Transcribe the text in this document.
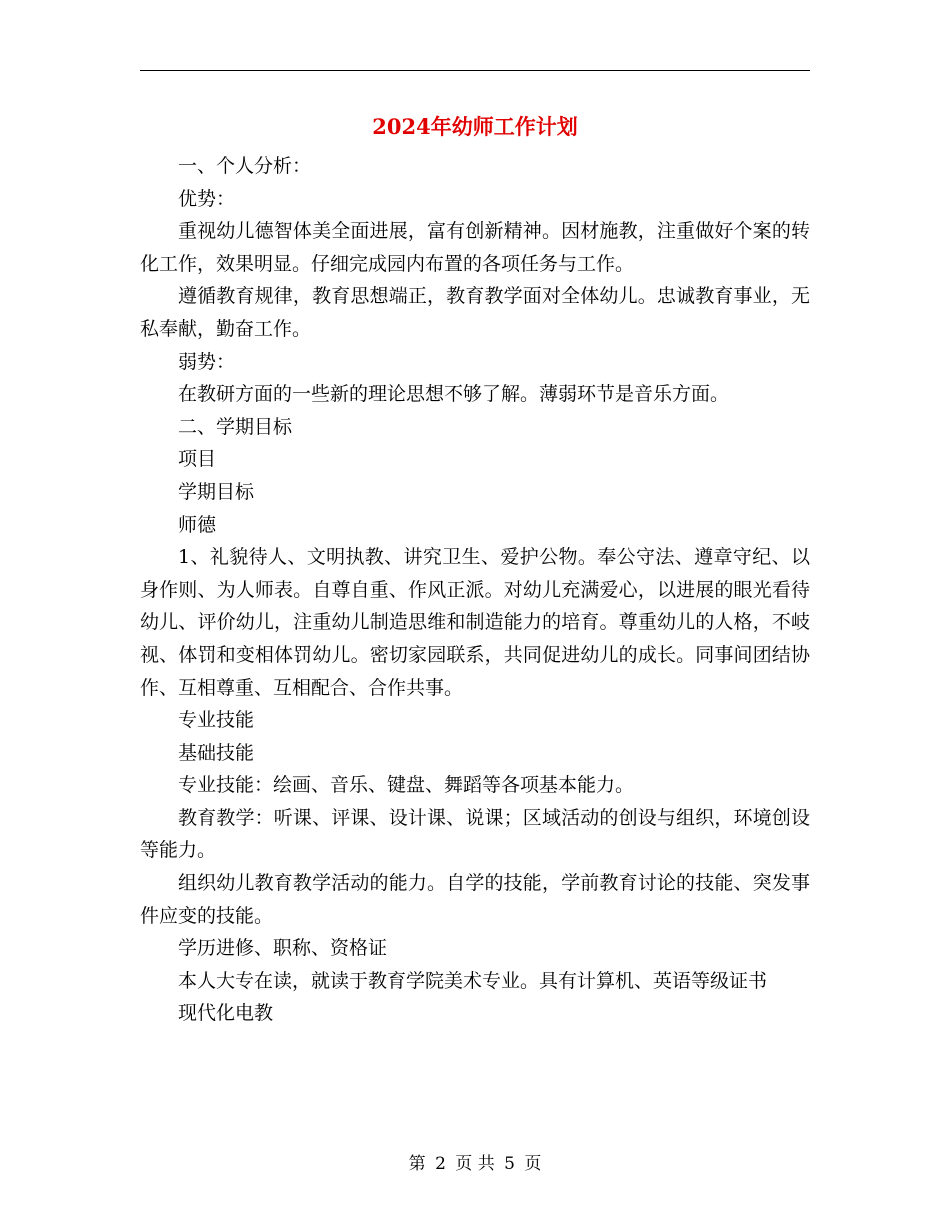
2024年幼师工作计划

一、个人分析：

优势：

重视幼儿德智体美全面进展，富有创新精神。因材施教，注重做好个案的转化工作，效果明显。仔细完成园内布置的各项任务与工作。

遵循教育规律，教育思想端正，教育教学面对全体幼儿。忠诚教育事业，无私奉献，勤奋工作。

弱势：

在教研方面的一些新的理论思想不够了解。薄弱环节是音乐方面。

二、学期目标

项目

学期目标

师德

1、礼貌待人、文明执教、讲究卫生、爱护公物。奉公守法、遵章守纪、以身作则、为人师表。自尊自重、作风正派。对幼儿充满爱心，以进展的眼光看待幼儿、评价幼儿，注重幼儿制造思维和制造能力的培育。尊重幼儿的人格，不岐视、体罚和变相体罚幼儿。密切家园联系，共同促进幼儿的成长。同事间团结协作、互相尊重、互相配合、合作共事。

专业技能

基础技能

专业技能：绘画、音乐、键盘、舞蹈等各项基本能力。

教育教学：听课、评课、设计课、说课；区域活动的创设与组织，环境创设等能力。

组织幼儿教育教学活动的能力。自学的技能，学前教育讨论的技能、突发事件应变的技能。

学历进修、职称、资格证

本人大专在读，就读于教育学院美术专业。具有计算机、英语等级证书

现代化电教

第 2 页 共 5 页
